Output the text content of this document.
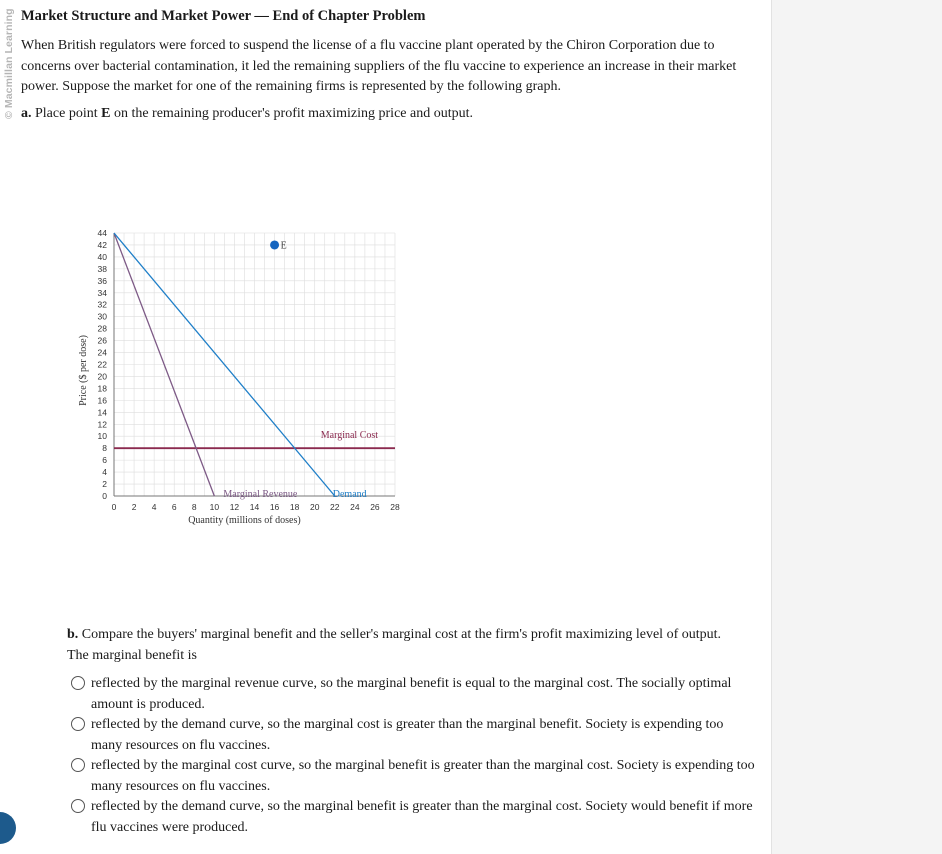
© Macmillan Learning Market Structure and Market Power — End of Chapter Problem
When British regulators were forced to suspend the license of a flu vaccine plant operated by the Chiron Corporation due to concerns over bacterial contamination, it led the remaining suppliers of the flu vaccine to experience an increase in their market power. Suppose the market for one of the remaining firms is represented by the following graph.
a. Place point E on the remaining producer's profit maximizing price and output.
0
2
4
6
8
10
12
14
16
18
20
22
24
26
28
30
32
34
36
38
40
42
44
0 2 4 6 8 10 12 14 16 18 20 22 24 26 28
Marginal Cost
Marginal Revenue	Demand
E
Quantity (millions of doses)
Price ($ per dose)
b. Compare the buyers' marginal benefit and the seller's marginal cost at the firm's profit maximizing level of output.
The marginal benefit is
reflected by the marginal revenue curve, so the marginal benefit is equal to the marginal cost. The socially optimal amount is produced.
reflected by the demand curve, so the marginal cost is greater than the marginal benefit. Society is expending too many resources on flu vaccines.
reflected by the marginal cost curve, so the marginal benefit is greater than the marginal cost. Society is expending too many resources on flu vaccines.
reflected by the demand curve, so the marginal benefit is greater than the marginal cost. Society would benefit if more flu vaccines were produced.
